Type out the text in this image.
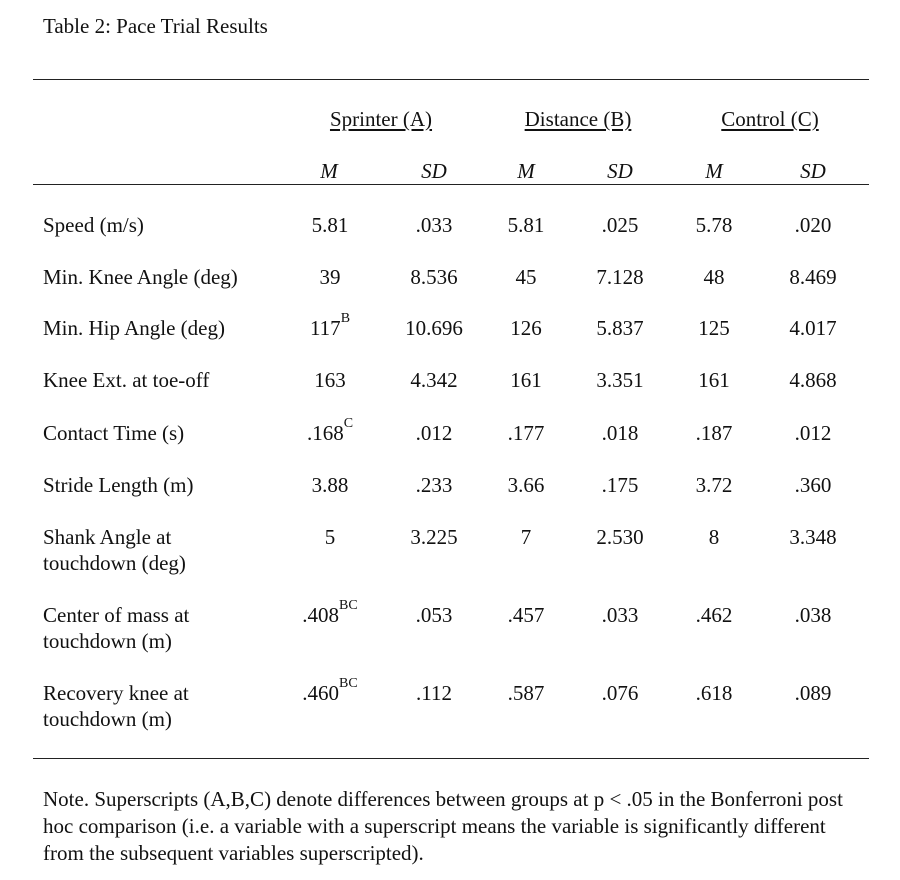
Table 2: Pace Trial Results
Sprinter (A)	Distance (B)	Control (C)
M	SD	M	SD	M	SD
Speed (m/s)	5.81	.033	5.81	.025	5.78	.020
Min. Knee Angle (deg)	39	8.536	45	7.128	48	8.469
Min. Hip Angle (deg)	$117^B$	10.696	126	5.837	125	4.017
Knee Ext. at toe-off	163	4.342	161	3.351	161	4.868
Contact Time (s)	$.168^C$	.012	.177	.018	.187	.012
Stride Length (m)	3.88	.233	3.66	.175	3.72	.360
Shank Angle at
touchdown (deg)
5	3.225	7	2.530	8	3.348
Center of mass at
touchdown (m)
$.408^{BC}$	.053	.457	.033	.462	.038
Recovery knee at
touchdown (m)
$.460^{BC}$	.112	.587	.076	.618	.089
Note. Superscripts (A,B,C) denote differences between groups at p < .05 in the Bonferroni post hoc comparison (i.e. a variable with a superscript means the variable is significantly different from the subsequent variables superscripted).
